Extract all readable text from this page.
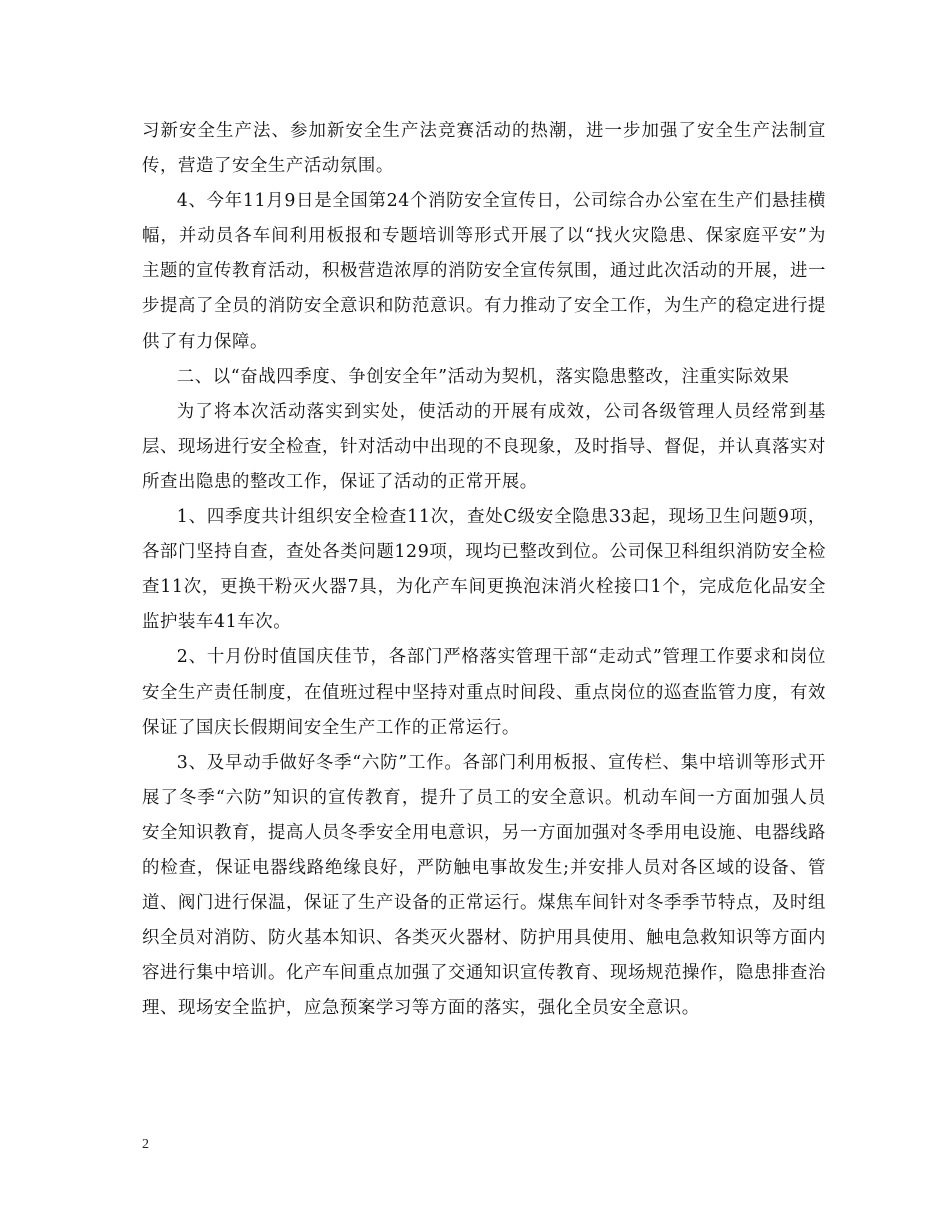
习新安全生产法、参加新安全生产法竞赛活动的热潮，进一步加强了安全生产法制宣传，营造了安全生产活动氛围。

4、今年11月9日是全国第24个消防安全宣传日，公司综合办公室在生产们悬挂横幅，并动员各车间利用板报和专题培训等形式开展了以“找火灾隐患、保家庭平安”为主题的宣传教育活动，积极营造浓厚的消防安全宣传氛围，通过此次活动的开展，进一步提高了全员的消防安全意识和防范意识。有力推动了安全工作，为生产的稳定进行提供了有力保障。

二、以“奋战四季度、争创安全年”活动为契机，落实隐患整改，注重实际效果

为了将本次活动落实到实处，使活动的开展有成效，公司各级管理人员经常到基层、现场进行安全检查，针对活动中出现的不良现象，及时指导、督促，并认真落实对所查出隐患的整改工作，保证了活动的正常开展。

1、四季度共计组织安全检查11次，查处C级安全隐患33起，现场卫生问题9项，各部门坚持自查，查处各类问题129项，现均已整改到位。公司保卫科组织消防安全检查11次，更换干粉灭火器7具，为化产车间更换泡沫消火栓接口1个，完成危化品安全监护装车41车次。

2、十月份时值国庆佳节，各部门严格落实管理干部“走动式”管理工作要求和岗位安全生产责任制度，在值班过程中坚持对重点时间段、重点岗位的巡查监管力度，有效保证了国庆长假期间安全生产工作的正常运行。

3、及早动手做好冬季“六防”工作。各部门利用板报、宣传栏、集中培训等形式开展了冬季“六防”知识的宣传教育，提升了员工的安全意识。机动车间一方面加强人员安全知识教育，提高人员冬季安全用电意识，另一方面加强对冬季用电设施、电器线路的检查，保证电器线路绝缘良好，严防触电事故发生;并安排人员对各区域的设备、管道、阀门进行保温，保证了生产设备的正常运行。煤焦车间针对冬季季节特点，及时组织全员对消防、防火基本知识、各类灭火器材、防护用具使用、触电急救知识等方面内容进行集中培训。化产车间重点加强了交通知识宣传教育、现场规范操作，隐患排查治理、现场安全监护，应急预案学习等方面的落实，强化全员安全意识。

2
